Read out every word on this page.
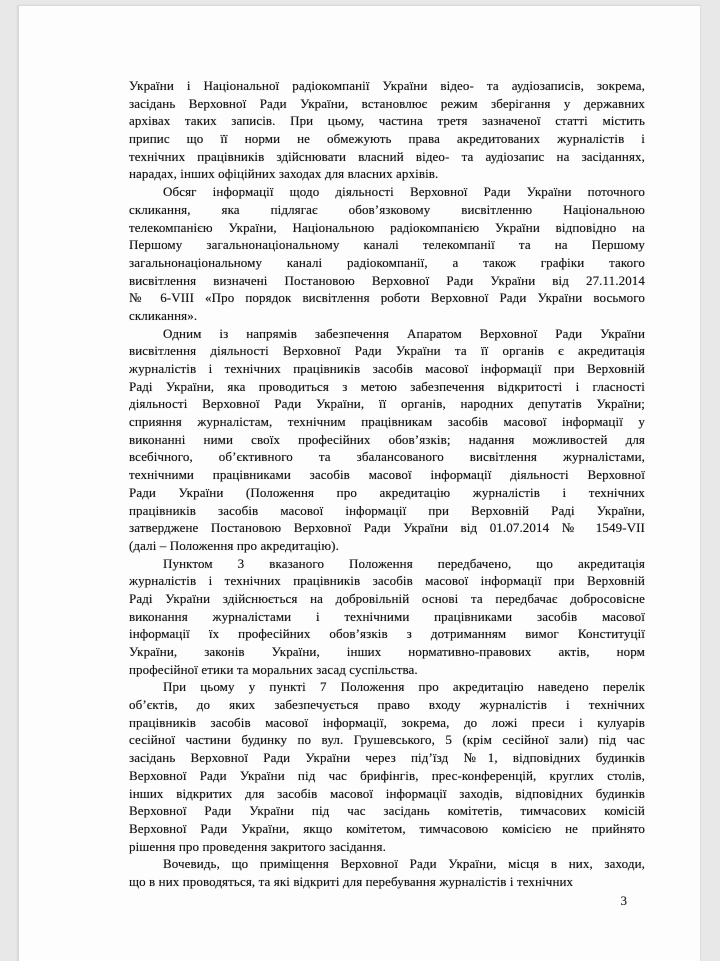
України і Національної радіокомпанії України відео- та аудіозаписів, зокрема,
засідань Верховної Ради України, встановлює режим зберігання у державних
архівах таких записів. При цьому, частина третя зазначеної статті містить
припис що її норми не обмежують права акредитованих журналістів і
технічних працівників здійснювати власний відео- та аудіозапис на засіданнях,
нарадах, інших офіційних заходах для власних архівів.
Обсяг інформації щодо діяльності Верховної Ради України поточного
скликання, яка підлягає обов’язковому висвітленню Національною
телекомпанією України, Національною радіокомпанією України відповідно на
Першому загальнонаціональному каналі телекомпанії та на Першому
загальнонаціональному каналі радіокомпанії, а також графіки такого
висвітлення визначені Постановою Верховної Ради України від 27.11.2014
№ 6-VIII «Про порядок висвітлення роботи Верховної Ради України восьмого
скликання».
Одним із напрямів забезпечення Апаратом Верховної Ради України
висвітлення діяльності Верховної Ради України та її органів є акредитація
журналістів і технічних працівників засобів масової інформації при Верховній
Раді України, яка проводиться з метою забезпечення відкритості і гласності
діяльності Верховної Ради України, її органів, народних депутатів України;
сприяння журналістам, технічним працівникам засобів масової інформації у
виконанні ними своїх професійних обов’язків; надання можливостей для
всебічного, об’єктивного та збалансованого висвітлення журналістами,
технічними працівниками засобів масової інформації діяльності Верховної
Ради України (Положення про акредитацію журналістів і технічних
працівників засобів масової інформації при Верховній Раді України,
затверджене Постановою Верховної Ради України від 01.07.2014 № 1549-VII
(далі – Положення про акредитацію).
Пунктом 3 вказаного Положення передбачено, що акредитація
журналістів і технічних працівників засобів масової інформації при Верховній
Раді України здійснюється на добровільній основі та передбачає добросовісне
виконання журналістами і технічними працівниками засобів масової
інформації їх професійних обов’язків з дотриманням вимог Конституції
України, законів України, інших нормативно-правових актів, норм
професійної етики та моральних засад суспільства.
При цьому у пункті 7 Положення про акредитацію наведено перелік
об’єктів, до яких забезпечується право входу журналістів і технічних
працівників засобів масової інформації, зокрема, до ложі преси і кулуарів
сесійної частини будинку по вул. Грушевського, 5 (крім сесійної зали) під час
засідань Верховної Ради України через під’їзд №1, відповідних будинків
Верховної Ради України під час брифінгів, прес-конференцій, круглих столів,
інших відкритих для засобів масової інформації заходів, відповідних будинків
Верховної Ради України під час засідань комітетів, тимчасових комісій
Верховної Ради України, якщо комітетом, тимчасовою комісією не прийнято
рішення про проведення закритого засідання.
Вочевидь, що приміщення Верховної Ради України, місця в них, заходи,
що в них проводяться, та які відкриті для перебування журналістів і технічних
3
